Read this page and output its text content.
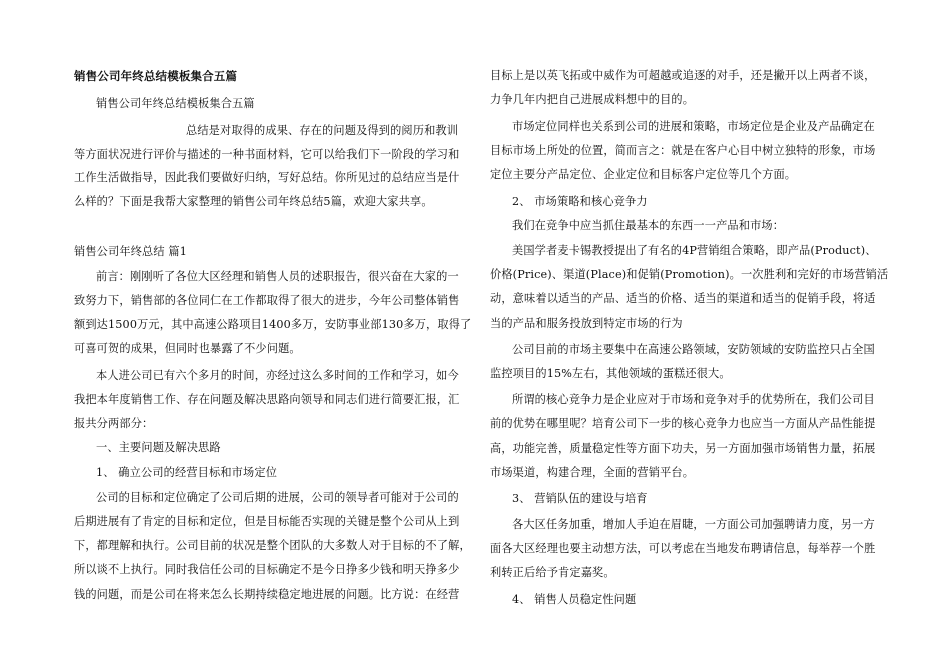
销售公司年终总结模板集合五篇
销售公司年终总结模板集合五篇
总结是对取得的成果、存在的问题及得到的阅历和教训
等方面状况进行评价与描述的一种书面材料，它可以给我们下一阶段的学习和
工作生活做指导，因此我们要做好归纳，写好总结。你所见过的总结应当是什
么样的？下面是我帮大家整理的销售公司年终总结5篇，欢迎大家共享。
销售公司年终总结 篇1
前言：刚刚听了各位大区经理和销售人员的述职报告，很兴奋在大家的一
致努力下，销售部的各位同仁在工作都取得了很大的进步，今年公司整体销售
额到达1500万元，其中高速公路项目1400多万，安防事业部130多万，取得了
可喜可贺的成果，但同时也暴露了不少问题。
本人进公司已有六个多月的时间，亦经过这么多时间的工作和学习，如今
我把本年度销售工作、存在问题及解决思路向领导和同志们进行简要汇报，汇
报共分两部分：
一、主要问题及解决思路
1、 确立公司的经营目标和市场定位
公司的目标和定位确定了公司后期的进展，公司的领导者可能对于公司的
后期进展有了肯定的目标和定位，但是目标能否实现的关键是整个公司从上到
下，都理解和执行。公司目前的状况是整个团队的大多数人对于目标的不了解，
所以谈不上执行。同时我信任公司的目标确定不是今日挣多少钱和明天挣多少
钱的问题，而是公司在将来怎么长期持续稳定地进展的问题。比方说：在经营
目标上是以英飞拓或中威作为可超越或追逐的对手，还是撇开以上两者不谈，
力争几年内把自己进展成料想中的目的。
市场定位同样也关系到公司的进展和策略，市场定位是企业及产品确定在
目标市场上所处的位置，简而言之：就是在客户心目中树立独特的形象，市场
定位主要分产品定位、企业定位和目标客户定位等几个方面。
2、 市场策略和核心竞争力
我们在竞争中应当抓住最基本的东西一一产品和市场：
美国学者麦卡锡教授提出了有名的4P营销组合策略，即产品(Product)、
价格(Price)、渠道(Place)和促销(Promotion)。一次胜利和完好的市场营销活
动，意味着以适当的产品、适当的价格、适当的渠道和适当的促销手段，将适
当的产品和服务投放到特定市场的行为
公司目前的市场主要集中在高速公路领域，安防领域的安防监控只占全国
监控项目的15%左右，其他领域的蛋糕还很大。
所谓的核心竞争力是企业应对于市场和竞争对手的优势所在，我们公司目
前的优势在哪里呢？培育公司下一步的核心竞争力也应当一方面从产品性能提
高，功能完善，质量稳定性等方面下功夫，另一方面加强市场销售力量，拓展
市场渠道，构建合理，全面的营销平台。
3、 营销队伍的建设与培育
各大区任务加重，增加人手迫在眉睫，一方面公司加强聘请力度，另一方
面各大区经理也要主动想方法，可以考虑在当地发布聘请信息，每举荐一个胜
利转正后给予肯定嘉奖。
4、 销售人员稳定性问题
